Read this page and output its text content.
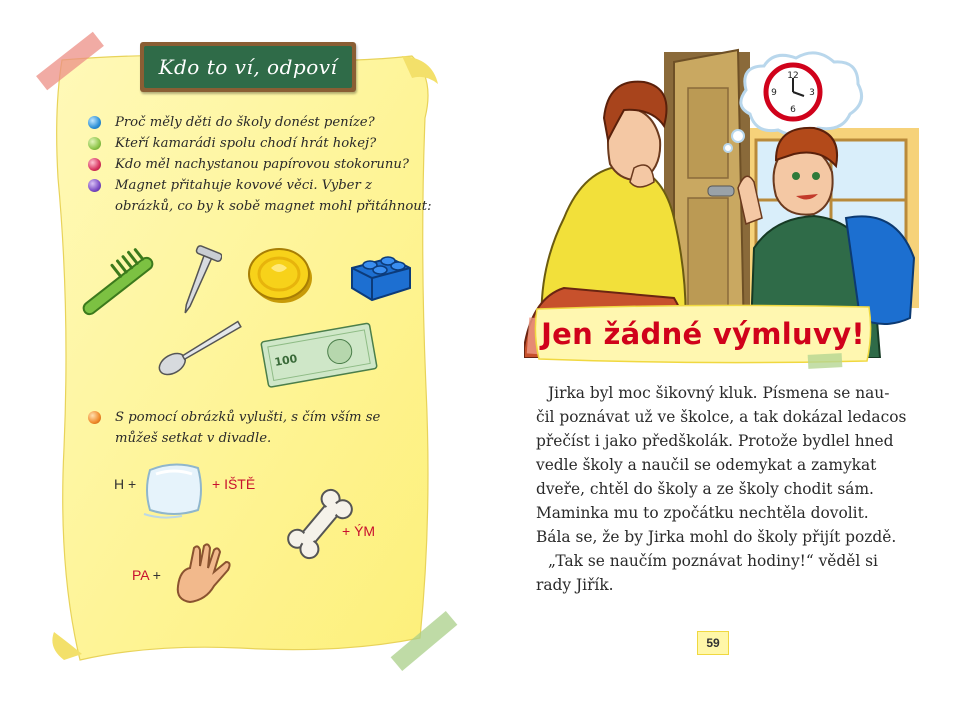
Kdo to ví, odpoví
Proč měly děti do školy donést peníze?
Kteří kamarádi spolu chodí hrát hokej?
Kdo měl nachystanou papírovou stokorunu?
Magnet přitahuje kovové věci. Vyber z obrázků, co by k sobě magnet mohl přitáhnout:
100
S pomocí obrázků vylušti, s čím vším se můžeš setkat v divadle.
H +	+ IŠTĚ
+ ÝM
PA +
12
3
6
9
Jen žádné výmluvy!
Jirka byl moc šikovný kluk. Písmena se nau-
čil poznávat už ve školce, a tak dokázal ledacos
přečíst i jako předškolák. Protože bydlel hned
vedle školy a naučil se odemykat a zamykat
dveře, chtěl do školy a ze školy chodit sám.
Maminka mu to zpočátku nechtěla dovolit.
Bála se, že by Jirka mohl do školy přijít pozdě.
„Tak se naučím poznávat hodiny!“ věděl si
rady Jiřík.
59
